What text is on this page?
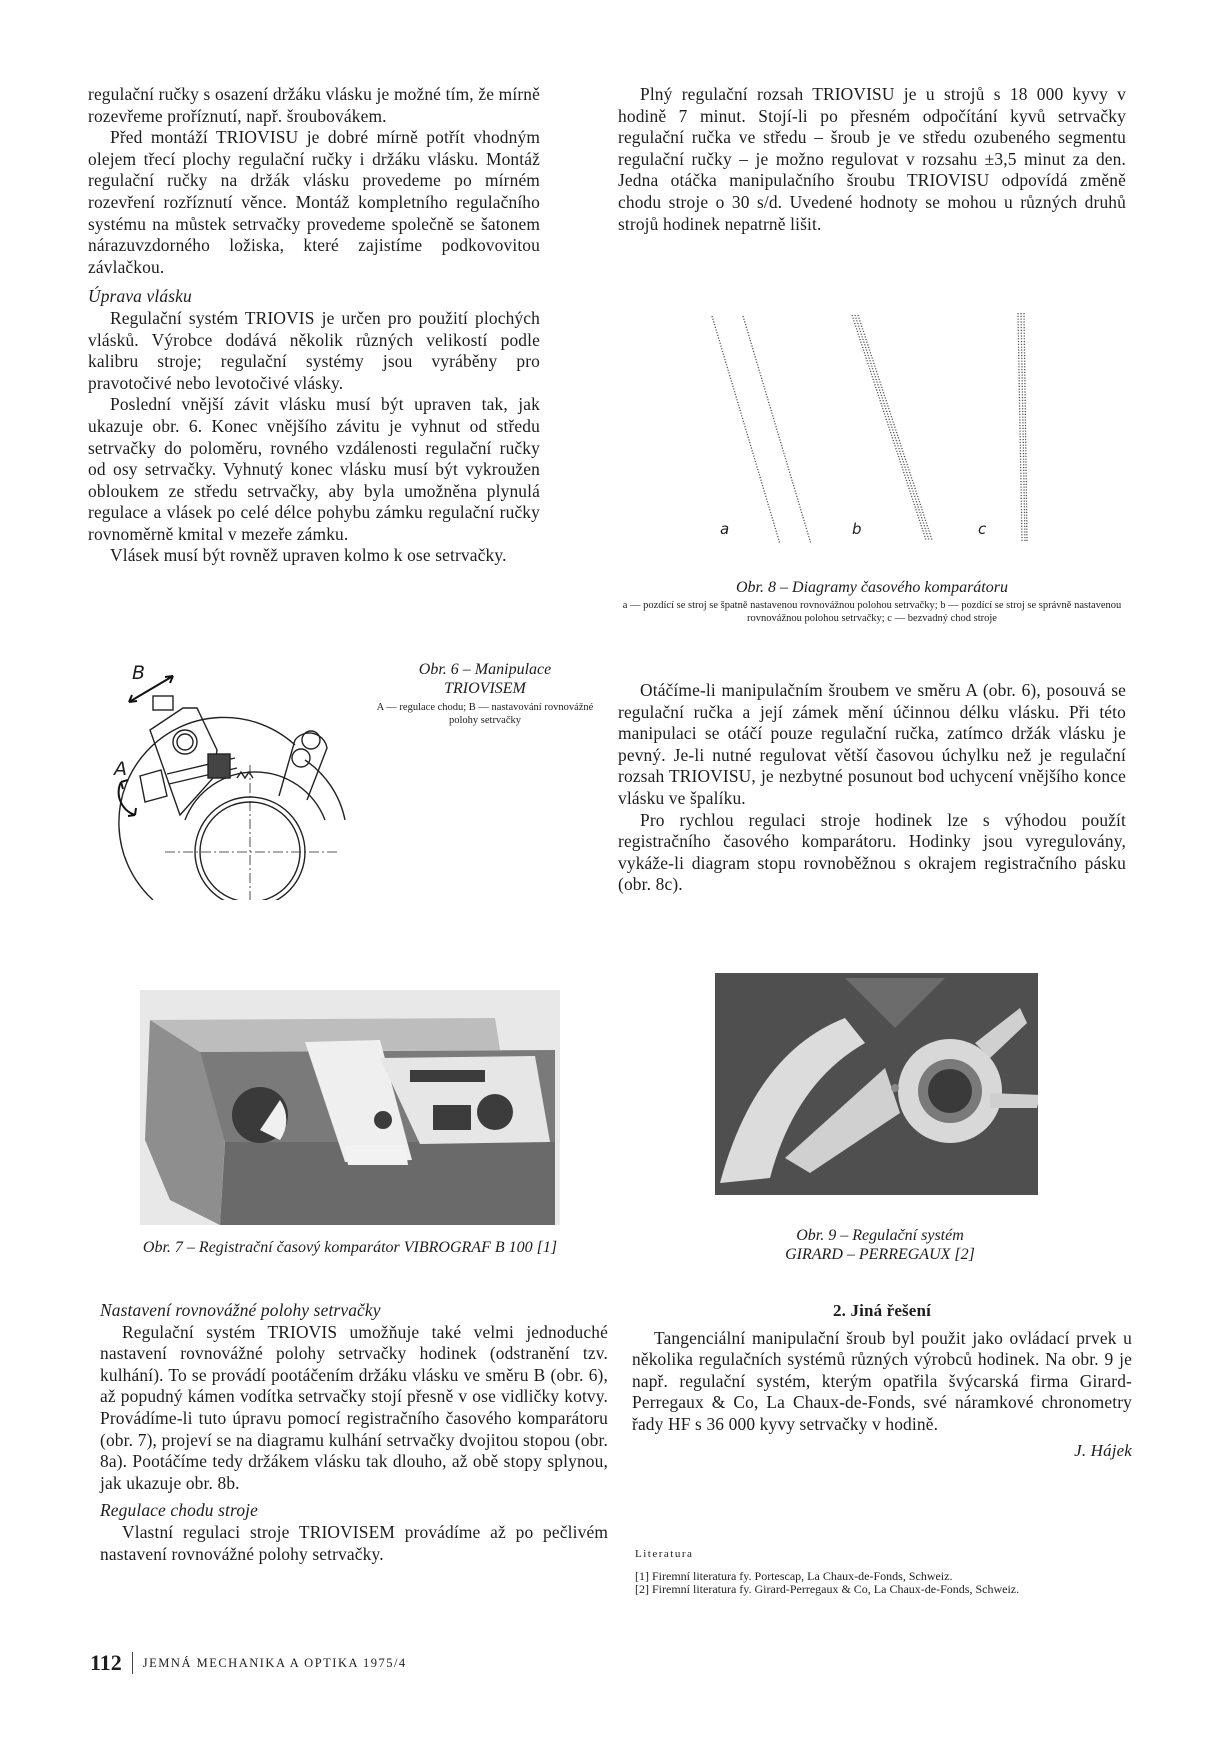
regulační ručky s osazení držáku vlásku je možné tím, že mírně rozevřeme proříznutí, např. šroubovákem.

Před montáží TRIOVISU je dobré mírně potřít vhodným olejem třecí plochy regulační ručky i držáku vlásku. Montáž regulační ručky na držák vlásku provedeme po mírném rozevření rozříznutí věnce. Montáž kompletního regulačního systému na můstek setrvačky provedeme společně se šatonem nárazuvzdorného ložiska, které zajistíme podkovovitou závlačkou.

Úprava vlásku

Regulační systém TRIOVIS je určen pro použití plochých vlásků. Výrobce dodává několik různých velikostí podle kalibru stroje; regulační systémy jsou vyráběny pro pravotočivé nebo levotočivé vlásky.

Poslední vnější závit vlásku musí být upraven tak, jak ukazuje obr. 6. Konec vnějšího závitu je vyhnut od středu setrvačky do poloměru, rovného vzdálenosti regulační ručky od osy setrvačky. Vyhnutý konec vlásku musí být vykroužen obloukem ze středu setrvačky, aby byla umožněna plynulá regulace a vlásek po celé délce pohybu zámku regulační ručky rovnoměrně kmital v mezeře zámku.

Vlásek musí být rovněž upraven kolmo k ose setrvačky.

Plný regulační rozsah TRIOVISU je u strojů s 18 000 kyvy v hodině 7 minut. Stojí-li po přesném odpočítání kyvů setrvačky regulační ručka ve středu – šroub je ve středu ozubeného segmentu regulační ručky – je možno regulovat v rozsahu ±3,5 minut za den. Jedna otáčka manipulačního šroubu TRIOVISU odpovídá změně chodu stroje o 30 s/d. Uvedené hodnoty se mohou u různých druhů strojů hodinek nepatrně lišit.

a	b	c
Obr. 8 – Diagramy časového komparátoru
a — pozdící se stroj se špatně nastavenou rovnovážnou polohou setrvačky; b — pozdící se stroj se správně nastavenou rovnovážnou polohou setrvačky; c — bezvadný chod stroje
B
A
Obr. 6 – Manipulace
TRIOVISEM
A — regulace chodu; B — nastavování rovnovážné polohy setrvačky

Otáčíme-li manipulačním šroubem ve směru A (obr. 6), posouvá se regulační ručka a její zámek mění účinnou délku vlásku. Při této manipulaci se otáčí pouze regulační ručka, zatímco držák vlásku je pevný. Je-li nutné regulovat větší časovou úchylku než je regulační rozsah TRIOVISU, je nezbytné posunout bod uchycení vnějšího konce vlásku ve špalíku.

Pro rychlou regulaci stroje hodinek lze s výhodou použít registračního časového komparátoru. Hodinky jsou vyregulovány, vykáže-li diagram stopu rovnoběžnou s okrajem registračního pásku (obr. 8c).

Obr. 7 – Registrační časový komparátor VIBROGRAF B 100 [1]
Obr. 9 – Regulační systém
GIRARD – PERREGAUX [2]

Nastavení rovnovážné polohy setrvačky

Regulační systém TRIOVIS umožňuje také velmi jednoduché nastavení rovnovážné polohy setrvačky hodinek (odstranění tzv. kulhání). To se provádí pootáčením držáku vlásku ve směru B (obr. 6), až popudný kámen vodítka setrvačky stojí přesně v ose vidličky kotvy. Provádíme-li tuto úpravu pomocí registračního časového komparátoru (obr. 7), projeví se na diagramu kulhání setrvačky dvojitou stopou (obr. 8a). Pootáčíme tedy držákem vlásku tak dlouho, až obě stopy splynou, jak ukazuje obr. 8b.

Regulace chodu stroje

Vlastní regulaci stroje TRIOVISEM provádíme až po pečlivém nastavení rovnovážné polohy setrvačky.

2. Jiná řešení

Tangenciální manipulační šroub byl použit jako ovládací prvek u několika regulačních systémů různých výrobců hodinek. Na obr. 9 je např. regulační systém, kterým opatřila švýcarská firma Girard-Perregaux & Co, La Chaux-de-Fonds, své náramkové chronometry řady HF s 36 000 kyvy setrvačky v hodině.

J. Hájek
Literatura
[1] Firemní literatura fy. Portescap, La Chaux-de-Fonds, Schweiz.
[2] Firemní literatura fy. Girard-Perregaux & Co, La Chaux-de-Fonds, Schweiz.
112 JEMNÁ MECHANIKA A OPTIKA 1975/4
